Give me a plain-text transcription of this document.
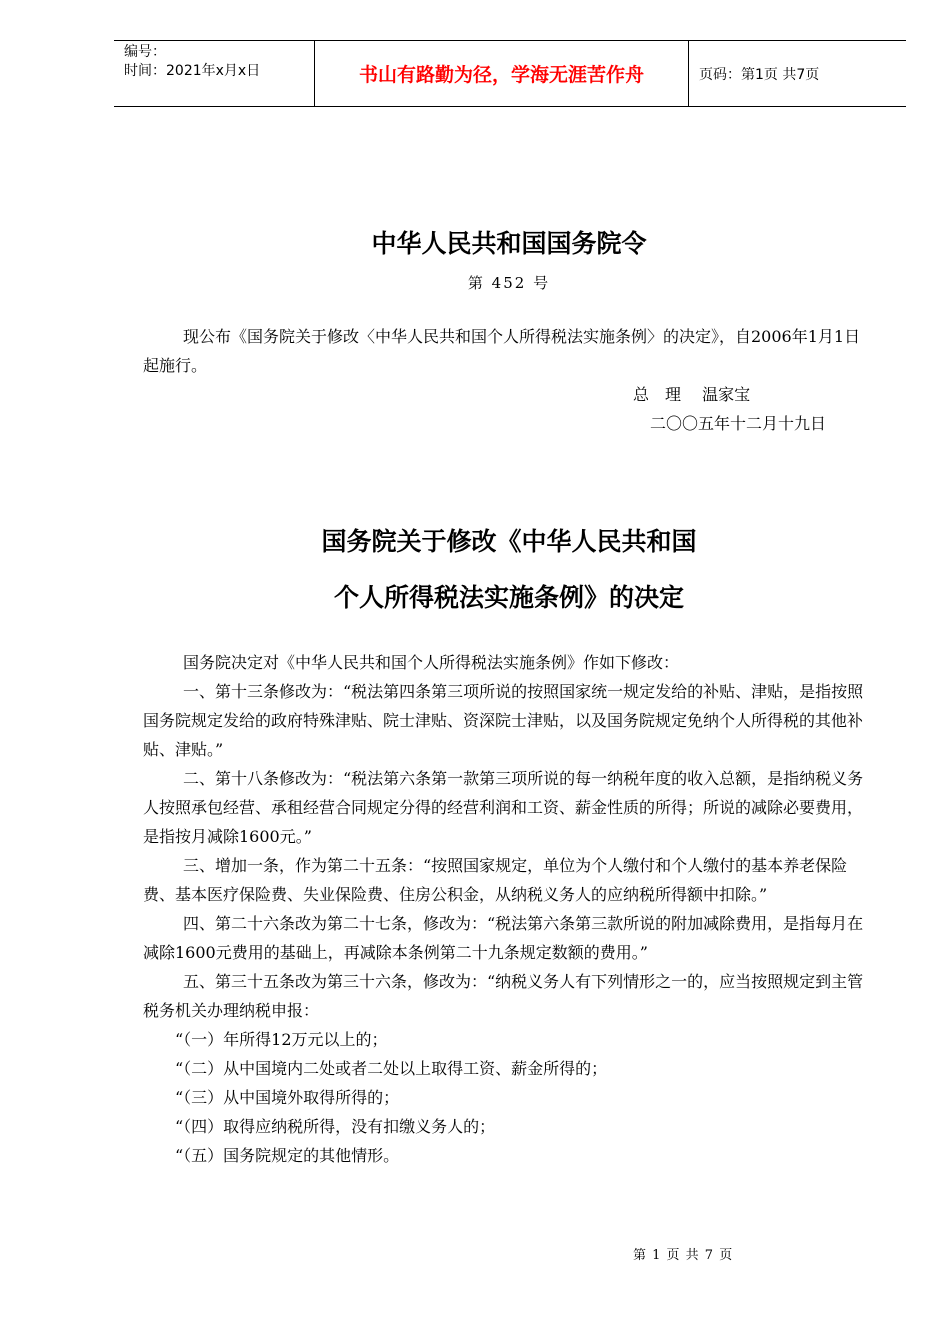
编号：
时间：2021年x月x日	书山有路勤为径，学海无涯苦作舟	页码：第1页 共7页
中华人民共和国国务院令
第 452 号

现公布《国务院关于修改〈中华人民共和国个人所得税法实施条例〉的决定》，自2006年1月1日起施行。

总　理　 温家宝
二〇〇五年十二月十九日
国务院关于修改《中华人民共和国
个人所得税法实施条例》的决定

国务院决定对《中华人民共和国个人所得税法实施条例》作如下修改：

一、第十三条修改为：“税法第四条第三项所说的按照国家统一规定发给的补贴、津贴，是指按照国务院规定发给的政府特殊津贴、院士津贴、资深院士津贴，以及国务院规定免纳个人所得税的其他补贴、津贴。”

二、第十八条修改为：“税法第六条第一款第三项所说的每一纳税年度的收入总额，是指纳税义务人按照承包经营、承租经营合同规定分得的经营利润和工资、薪金性质的所得；所说的减除必要费用，是指按月减除1600元。”

三、增加一条，作为第二十五条：“按照国家规定，单位为个人缴付和个人缴付的基本养老保险费、基本医疗保险费、失业保险费、住房公积金，从纳税义务人的应纳税所得额中扣除。”

四、第二十六条改为第二十七条，修改为：“税法第六条第三款所说的附加减除费用，是指每月在减除1600元费用的基础上，再减除本条例第二十九条规定数额的费用。”

五、第三十五条改为第三十六条，修改为：“纳税义务人有下列情形之一的，应当按照规定到主管税务机关办理纳税申报：

“（一）年所得12万元以上的；

“（二）从中国境内二处或者二处以上取得工资、薪金所得的；

“（三）从中国境外取得所得的；

“（四）取得应纳税所得，没有扣缴义务人的；

“（五）国务院规定的其他情形。

第 1 页 共 7 页
